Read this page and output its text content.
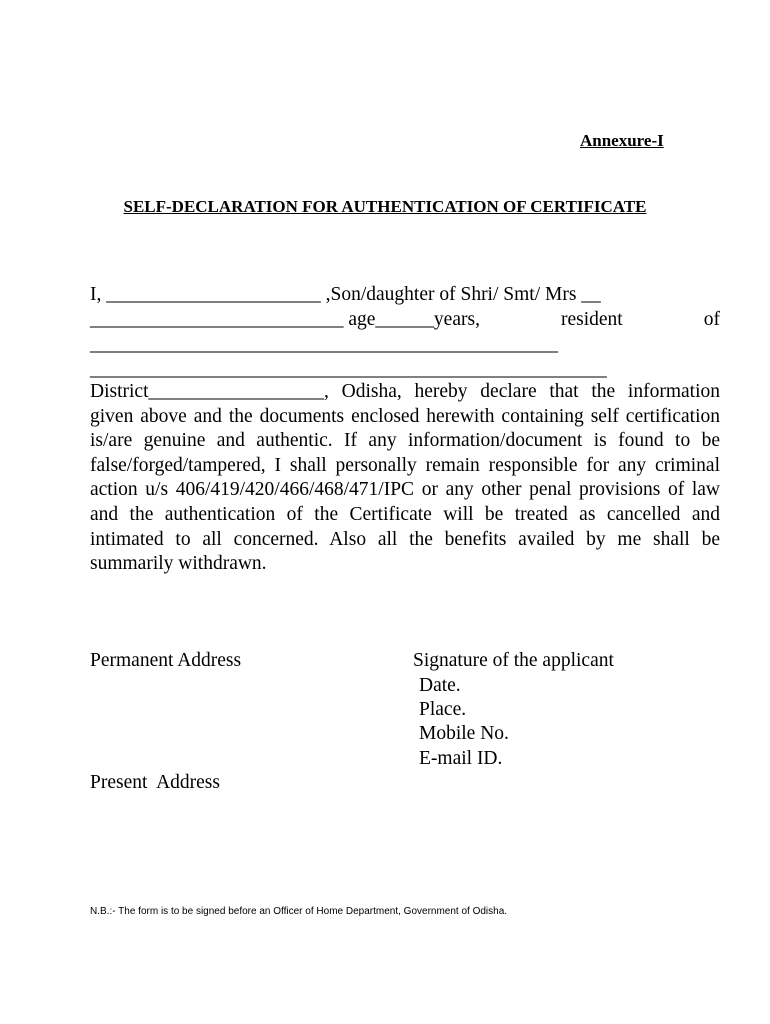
Annexure-I
SELF-DECLARATION FOR AUTHENTICATION OF CERTIFICATE
I, ______________________ ,Son/daughter of Shri/ Smt/ Mrs __
__________________________ age______years,	resident	of
________________________________________________
_____________________________________________________
District__________________, Odisha, hereby declare that the information given above and the documents enclosed herewith containing self certification is/are genuine and authentic. If any information/document is found to be false/forged/tampered, I shall personally remain responsible for any criminal action u/s 406/419/420/466/468/471/IPC or any other penal provisions of law and the authentication of the Certificate will be treated as cancelled and intimated to all concerned. Also all the benefits availed by me shall be summarily withdrawn.
Permanent Address	Signature of the applicant
Date.
Place.
Mobile No.
E-mail ID.
Present  Address
N.B.:- The form is to be signed before an Officer of Home Department, Government of Odisha.
